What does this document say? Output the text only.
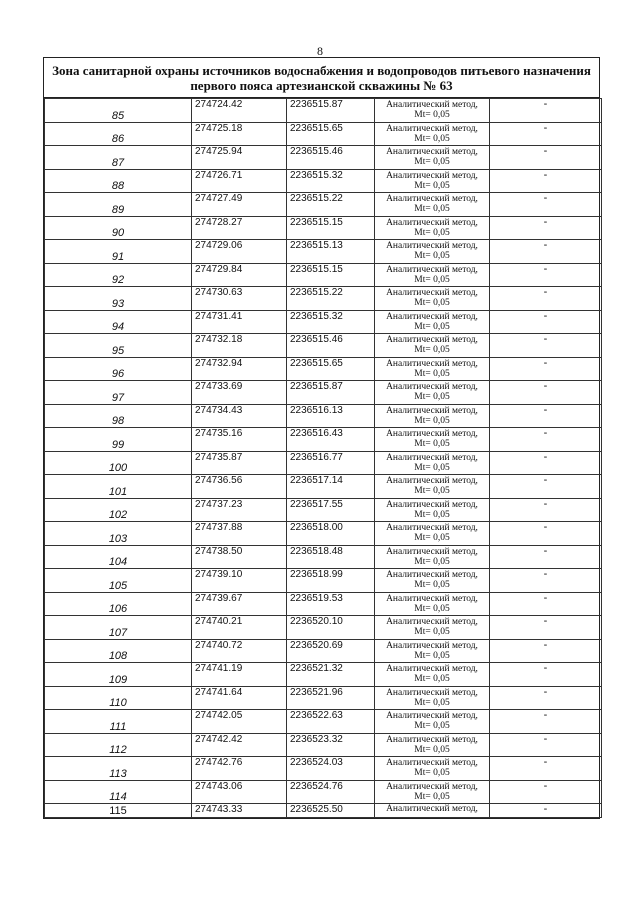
8
Зона санитарной охраны источников водоснабжения и водопроводов питьевого назначения
первого пояса артезианской скважины № 63
85	274724.42	2236515.87	Аналитический метод,
Mt= 0,05	-
86	274725.18	2236515.65	Аналитический метод,
Mt= 0,05	-
87	274725.94	2236515.46	Аналитический метод,
Mt= 0,05	-
88	274726.71	2236515.32	Аналитический метод,
Mt= 0,05	-
89	274727.49	2236515.22	Аналитический метод,
Mt= 0,05	-
90	274728.27	2236515.15	Аналитический метод,
Mt= 0,05	-
91	274729.06	2236515.13	Аналитический метод,
Mt= 0,05	-
92	274729.84	2236515.15	Аналитический метод,
Mt= 0,05	-
93	274730.63	2236515.22	Аналитический метод,
Mt= 0,05	-
94	274731.41	2236515.32	Аналитический метод,
Mt= 0,05	-
95	274732.18	2236515.46	Аналитический метод,
Mt= 0,05	-
96	274732.94	2236515.65	Аналитический метод,
Mt= 0,05	-
97	274733.69	2236515.87	Аналитический метод,
Mt= 0,05	-
98	274734.43	2236516.13	Аналитический метод,
Mt= 0,05	-
99	274735.16	2236516.43	Аналитический метод,
Mt= 0,05	-
100	274735.87	2236516.77	Аналитический метод,
Mt= 0,05	-
101	274736.56	2236517.14	Аналитический метод,
Mt= 0,05	-
102	274737.23	2236517.55	Аналитический метод,
Mt= 0,05	-
103	274737.88	2236518.00	Аналитический метод,
Mt= 0,05	-
104	274738.50	2236518.48	Аналитический метод,
Mt= 0,05	-
105	274739.10	2236518.99	Аналитический метод,
Mt= 0,05	-
106	274739.67	2236519.53	Аналитический метод,
Mt= 0,05	-
107	274740.21	2236520.10	Аналитический метод,
Mt= 0,05	-
108	274740.72	2236520.69	Аналитический метод,
Mt= 0,05	-
109	274741.19	2236521.32	Аналитический метод,
Mt= 0,05	-
110	274741.64	2236521.96	Аналитический метод,
Mt= 0,05	-
111	274742.05	2236522.63	Аналитический метод,
Mt= 0,05	-
112	274742.42	2236523.32	Аналитический метод,
Mt= 0,05	-
113	274742.76	2236524.03	Аналитический метод,
Mt= 0,05	-
114	274743.06	2236524.76	Аналитический метод,
Mt= 0,05	-
115	274743.33	2236525.50	Аналитический метод,	-
